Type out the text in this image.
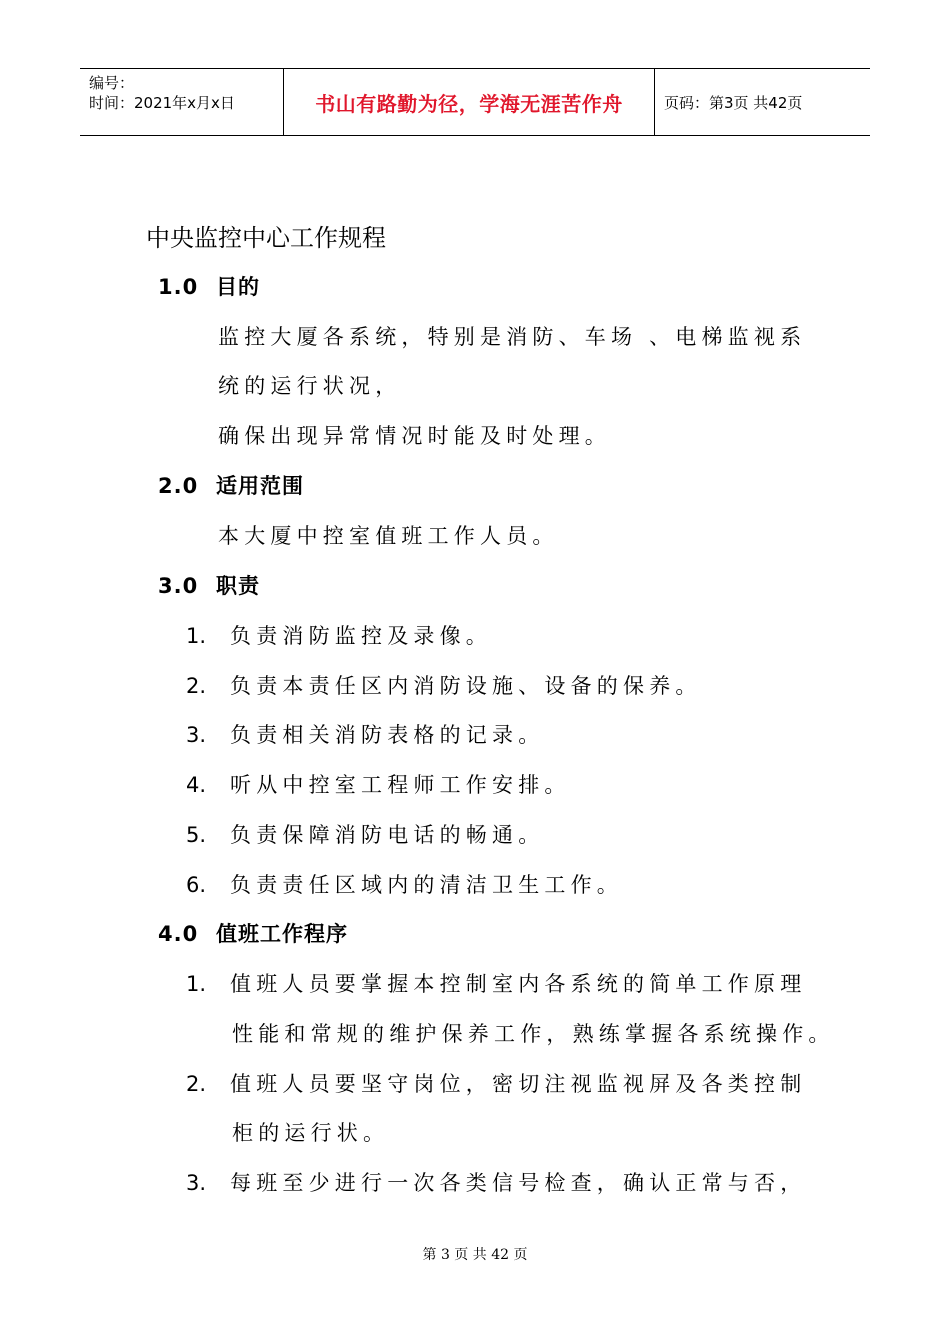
编号：
时间：2021年x月x日	书山有路勤为径，学海无涯苦作舟	页码：第3页 共42页
中央监控中心工作规程
1.0 目的
监控大厦各系统，特别是消防、车场 、电梯监视系
统的运行状况，
确保出现异常情况时能及时处理。
2.0 适用范围
本大厦中控室值班工作人员。
3.0 职责
1. 负责消防监控及录像。
2. 负责本责任区内消防设施、设备的保养。
3. 负责相关消防表格的记录。
4. 听从中控室工程师工作安排。
5. 负责保障消防电话的畅通。
6. 负责责任区域内的清洁卫生工作。
4.0 值班工作程序
1. 值班人员要掌握本控制室内各系统的简单工作原理
性能和常规的维护保养工作，熟练掌握各系统操作。
2. 值班人员要坚守岗位，密切注视监视屏及各类控制
柜的运行状。
3. 每班至少进行一次各类信号检查，确认正常与否，
第 3 页 共 42 页
